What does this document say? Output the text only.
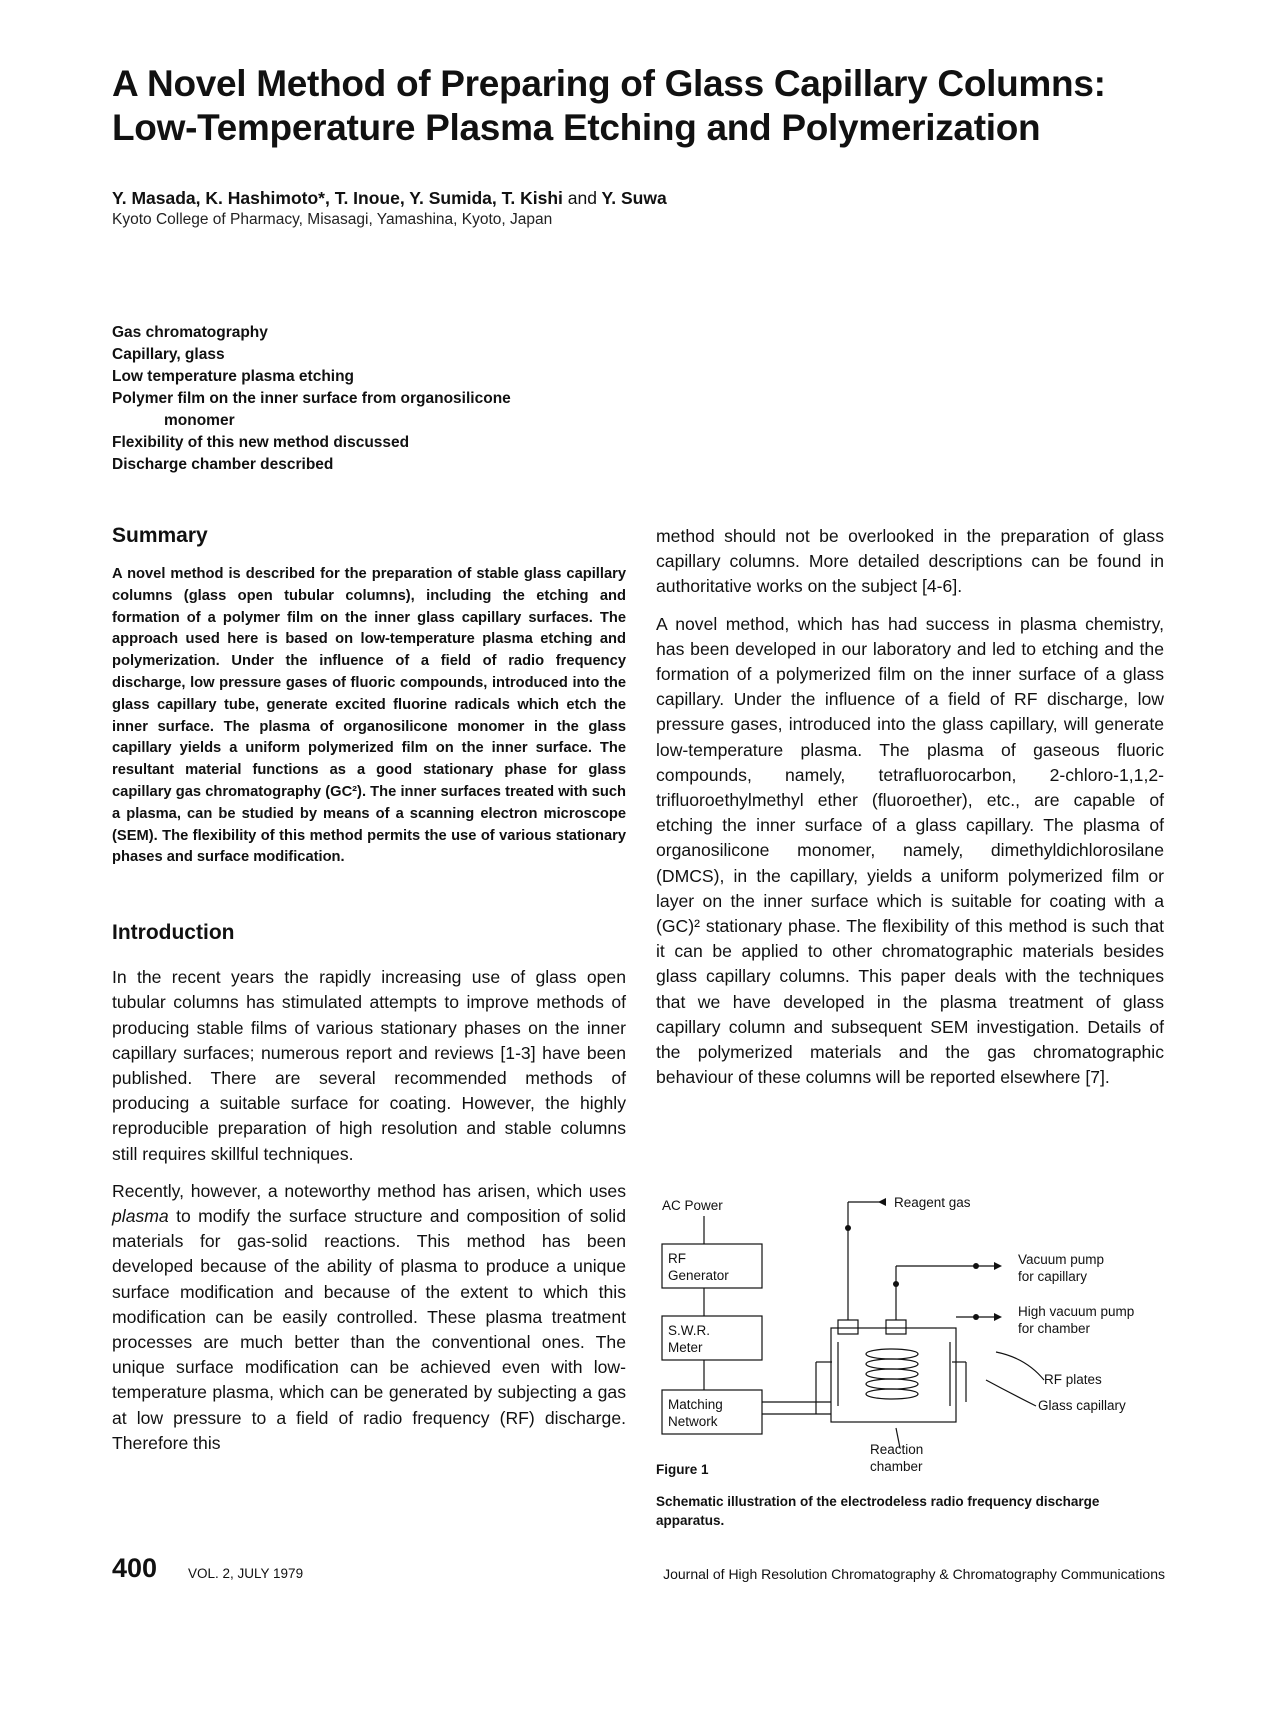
A Novel Method of Preparing of Glass Capillary Columns:
Low-Temperature Plasma Etching and Polymerization
Y. Masada, K. Hashimoto*, T. Inoue, Y. Sumida, T. Kishi and Y. Suwa
Kyoto College of Pharmacy, Misasagi, Yamashina, Kyoto, Japan
Gas chromatography
Capillary, glass
Low temperature plasma etching
Polymer film on the inner surface from organosilicone
monomer
Flexibility of this new method discussed
Discharge chamber described
Summary

A novel method is described for the preparation of stable glass capillary columns (glass open tubular columns), including the etching and formation of a polymer film on the inner glass capillary surfaces. The approach used here is based on low-temperature plasma etching and polymerization. Under the influence of a field of radio frequency discharge, low pressure gases of fluoric compounds, introduced into the glass capillary tube, generate excited fluorine radicals which etch the inner surface. The plasma of organosilicone monomer in the glass capillary yields a uniform polymerized film on the inner surface. The resultant material functions as a good stationary phase for glass capillary gas chromatography (GC²). The inner surfaces treated with such a plasma, can be studied by means of a scanning electron microscope (SEM). The flexibility of this method permits the use of various stationary phases and surface modification.

Introduction

In the recent years the rapidly increasing use of glass open tubular columns has stimulated attempts to improve methods of producing stable films of various stationary phases on the inner capillary surfaces; numerous report and reviews [1-3] have been published. There are several recommended methods of producing a suitable surface for coating. However, the highly reproducible preparation of high resolution and stable columns still requires skillful techniques.

Recently, however, a noteworthy method has arisen, which uses plasma to modify the surface structure and composition of solid materials for gas-solid reactions. This method has been developed because of the ability of plasma to produce a unique surface modification and because of the extent to which this modification can be easily controlled. These plasma treatment processes are much better than the conventional ones. The unique surface modification can be achieved even with low-temperature plasma, which can be generated by subjecting a gas at low pressure to a field of radio frequency (RF) discharge. Therefore this

method should not be overlooked in the preparation of glass capillary columns. More detailed descriptions can be found in authoritative works on the subject [4-6].

A novel method, which has had success in plasma chemistry, has been developed in our laboratory and led to etching and the formation of a polymerized film on the inner surface of a glass capillary. Under the influence of a field of RF discharge, low pressure gases, introduced into the glass capillary, will generate low-temperature plasma. The plasma of gaseous fluoric compounds, namely, tetrafluorocarbon, 2-chloro-1,1,2-trifluoroethylmethyl ether (fluoroether), etc., are capable of etching the inner surface of a glass capillary. The plasma of organosilicone monomer, namely, dimethyldichlorosilane (DMCS), in the capillary, yields a uniform polymerized film or layer on the inner surface which is suitable for coating with a (GC)² stationary phase. The flexibility of this method is such that it can be applied to other chromatographic materials besides glass capillary columns. This paper deals with the techniques that we have developed in the plasma treatment of glass capillary column and subsequent SEM investigation. Details of the polymerized materials and the gas chromatographic behaviour of these columns will be reported elsewhere [7].

AC Power
RF
Generator
S.W.R.
Meter
Matching
Network
Reagent gas
Vacuum pump
for capillary
High vacuum pump
for chamber
RF plates
Glass capillary
Reaction
chamber
Figure 1
Schematic illustration of the electrodeless radio frequency discharge apparatus.
400 VOL. 2, JULY 1979	Journal of High Resolution Chromatography & Chromatography Communications
